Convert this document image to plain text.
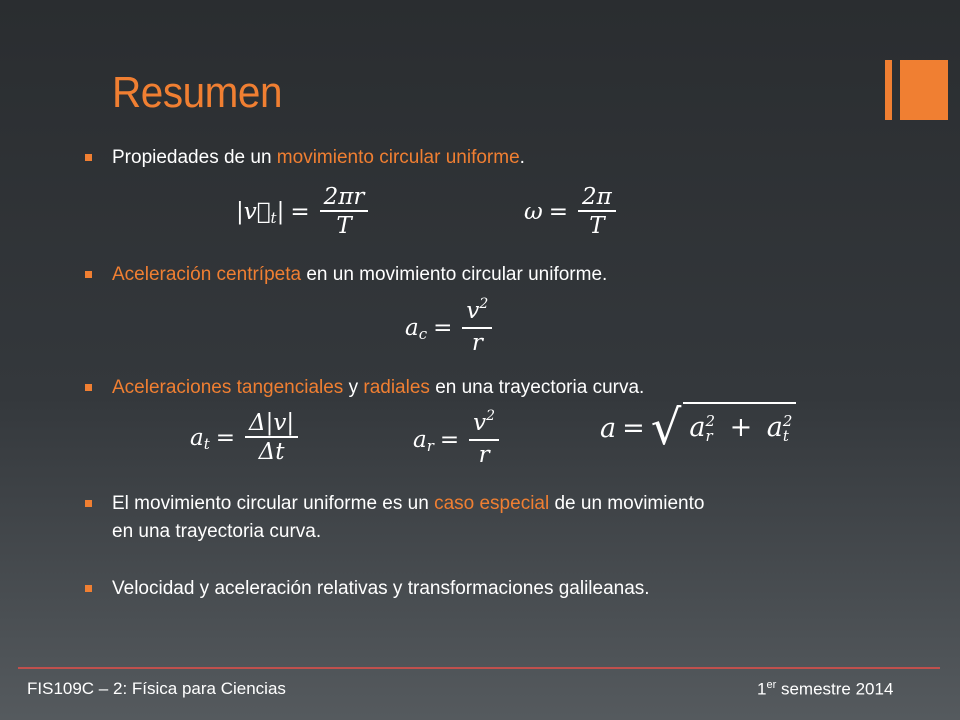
Resumen
Propiedades de un movimiento circular uniforme.
|v⃗ t | = $\frac{2\pi r}{T}$	$\omega = \frac{2\pi}{T}$
Aceleración centrípeta en un movimiento circular uniforme.
a $c = \frac{v^2}{r}$
Aceleraciones tangenciales y radiales en una trayectoria curva.
a $t = \frac{\Delta|v|}{\Delta t}$	a $r = \frac{v^2}{r}$	a = √ a 2
r + a 2
t
El movimiento circular uniforme es un caso especial de un movimiento
en una trayectoria curva.
Velocidad y aceleración relativas y transformaciones galileanas.
FIS109C – 2: Física para Ciencias	1er semestre 2014
